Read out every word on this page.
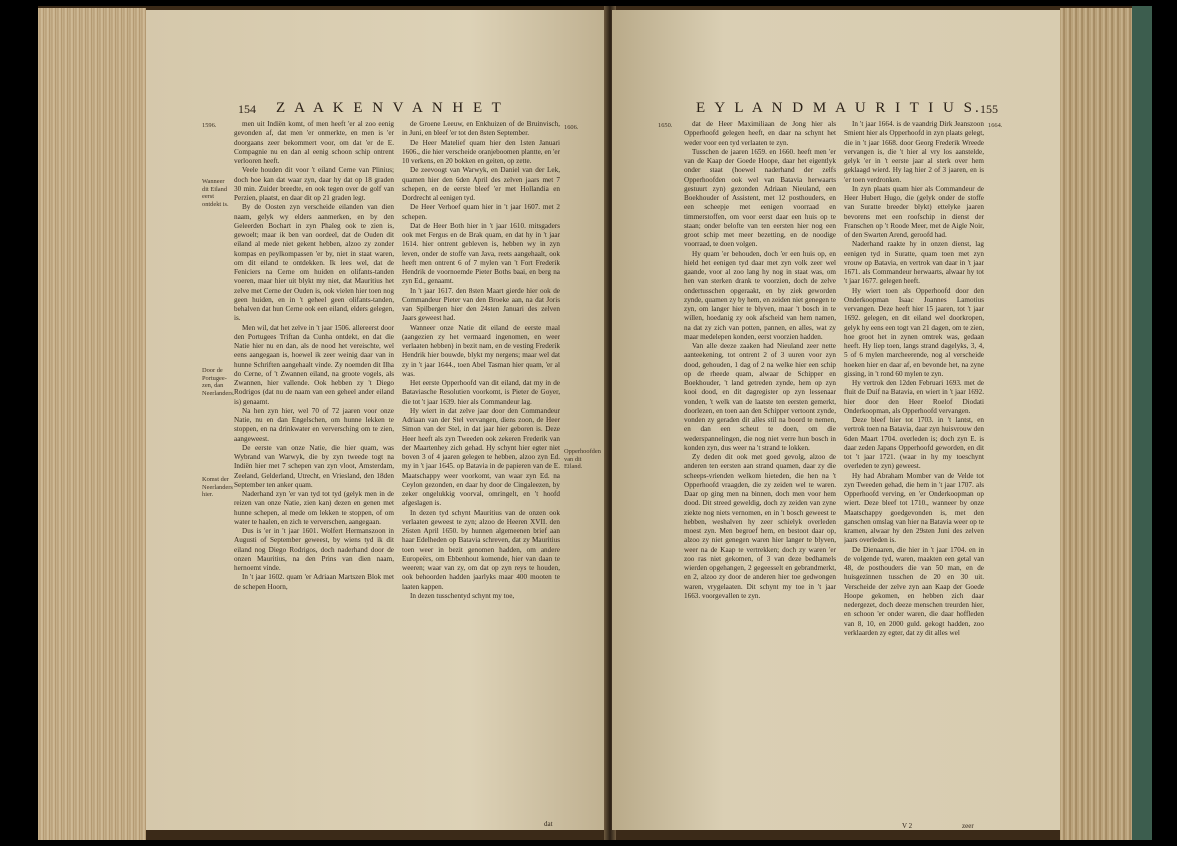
154 Z A A K E N V A N H E T
1596.
Wanneer dit Eiland eerst ontdekt is.
Door de Portugee-zen, dan Neerlanders.
Komst der Neerlanders hier.

men uit Indiën komt, of men heeft 'er al zoo eenig gevonden af, dat men 'er onmerkte, en men is 'er doorgaans zeer bekommert voor, om dat 'er de E. Compagnie nu en dan al eenig schoon schip ontrent verlooren heeft.

Veele houden dit voor 't eiland Cerne van Plinius; doch hoe kan dat waar zyn, daar hy dat op 18 graden 30 min. Zuider breedte, en ook tegen over de golf van Perzien, plaatst, en daar dit op 21 graden legt.

By de Oosten zyn verscheide eilanden van dien naam, gelyk wy elders aanmerken, en by den Geleerden Bochart in zyn Phaleg ook te zien is, gewoelt; maar ik ben van oordeel, dat de Ouden dit eiland al mede niet gekent hebben, alzoo zy zonder kompas en peylkompassen 'er by, niet in staat waren, om dit eiland te ontdekken. Ik lees wel, dat de Feniciers na Cerne om huiden en olifants-tanden voeren, maar hier uit blykt my niet, dat Mauritius het zelve met Cerne der Ouden is, ook vielen hier toen nog geen huiden, en in 't geheel geen olifants-tanden, behalven dat hun Cerne ook een eiland, elders gelegen, is.

Men wil, dat het zelve in 't jaar 1506. allereerst door den Portugees Triftan da Cunha ontdekt, en dat die Natie hier nu en dan, als de nood het vereischte, wel eens aangegaan is, hoewel ik zeer weinig daar van in hunne Schriften aangehaalt vinde. Zy noemden dit Ilha do Cerne, of 't Zwannen eiland, na groote vogels, als Zwannen, hier vallende. Ook hebben zy 't Diego Rodrigos (dat nu de naam van een geheel ander eiland is) genaamt.

Na hen zyn hier, wel 70 of 72 jaaren voor onze Natie, nu en dan Engelschen, om hunne lekken te stoppen, en na drinkwater en verversching om te zien, aangeweest.

De eerste van onze Natie, die hier quam, was Wybrand van Warwyk, die by zyn tweede togt na Indiën hier met 7 schepen van zyn vloot, Amsterdam, Zeeland, Gelderland, Utrecht, en Vriesland, den 18den September ten anker quam.

Naderhand zyn 'er van tyd tot tyd (gelyk men in de reizen van onze Natie, zien kan) dezen en genen met hunne schepen, al mede om lekken te stoppen, of om water te haalen, en zich te ververschen, aangegaan.

Dus is 'er in 't jaar 1601. Wolfert Hermanszoon in Augusti of September geweest, by wiens tyd ik dit eiland nog Diego Rodrigos, doch naderhand door de onzen Mauritius, na den Prins van dien naam, hernoemt vinde.

In 't jaar 1602. quam 'er Adriaan Martszen Blok met de schepen Hoorn,

de Groene Leeuw, en Enkhuizen of de Bruinvisch, in Juni, en bleef 'er tot den 8sten September.

De Heer Matelief quam hier den 1sten Januari 1606., die hier verscheide oranjeboomen plantte, en 'er 10 verkens, en 20 bokken en geiten, op zette.

De zeevoogt van Warwyk, en Daniel van der Lek, quamen hier den 6den April des zelven jaars met 7 schepen, en de eerste bleef 'er met Hollandia en Dordrecht al eenigen tyd.

De Heer Verhoef quam hier in 't jaar 1607. met 2 schepen.

Dat de Heer Both hier in 't jaar 1610. mitsgaders ook met Fergus en de Brak quam, en dat hy in 't jaar 1614. hier ontrent gebleven is, hebben wy in zyn leven, onder de stoffe van Java, reets aangehaalt, ook heeft men ontrent 6 of 7 mylen van 't Fort Frederik Hendrik de voornoemde Pieter Boths baai, en berg na zyn Ed., genaamt.

In 't jaar 1617. den 8sten Maart gierde hier ook de Commandeur Pieter van den Broeke aan, na dat Joris van Spilbergen hier den 24sten Januari des zelven Jaars geweest had.

Wanneer onze Natie dit eiland de eerste maal (aangezien zy het vermaard ingenomen, en weer verlaaten hebben) in bezit nam, en de vesting Frederik Hendrik hier bouwde, blykt my nergens; maar wel dat zy in 't jaar 1644., toen Abel Tasman hier quam, 'er al was.

Het eerste Opperhoofd van dit eiland, dat my in de Bataviasche Resolutien voorkomt, is Pieter de Goyer, die tot 't jaar 1639. hier als Commandeur lag.

Hy wiert in dat zelve jaar door den Commandeur Adriaan van der Stel vervangen, diens zoon, de Heer Simon van der Stel, in dat jaar hier geboren is. Deze Heer heeft als zyn Tweeden ook zekeren Frederik van der Maartenhey zich gehad. Hy schynt hier egter niet boven 3 of 4 jaaren gelegen te hebben, alzoo zyn Ed. my in 't jaar 1645. op Batavia in de papieren van de E. Maatschappy weer voorkomt, van waar zyn Ed. na Ceylon gezonden, en daar hy door de Cingaleezen, by zeker ongelukkig voorval, omringelt, en 't hoofd afgeslagen is.

In dezen tyd schynt Mauritius van de onzen ook verlaaten geweest te zyn; alzoo de Heeren XVII. den 26sten April 1650. by hunnen algemeenen brief aan haar Edelheden op Batavia schreven, dat zy Mauritius toen weer in bezit genomen hadden, om andere Europeërs, om Ebbenhout komende, hier van daan te weeren; waar van zy, om dat op zyn reys te houden, ook behoorden hadden jaarlyks maar 400 mooten te laaten kappen.

In dezen tusschentyd schynt my toe,

1606.
Opperhoofden van dit Eiland.
dat
E Y L A N D M A U R I T I U S.
155
1650.	1664.

dat de Heer Maximiliaan de Jong hier als Opperhoofd gelegen heeft, en daar na schynt het weder voor een tyd verlaaten te zyn.

Tusschen de jaaren 1659. en 1660. heeft men 'er van de Kaap der Goede Hoope, daar het eigentlyk onder staat (hoewel naderhand der zelfs Opperhoofden ook wel van Batavia herwaarts gestuurt zyn) gezonden Adriaan Nieuland, een Boekhouder of Assistent, met 12 posthouders, en een scheepje met eenigen voorraad en timmerstoffen, om voor eerst daar een huis op te staan; onder belofte van ten eersten hier nog een groot schip met meer bezetting, en de noodige voorraad, te doen volgen.

Hy quam 'er behouden, doch 'er een huis op, en hield het eenigen tyd daar met zyn volk zeer wel gaande, voor al zoo lang hy nog in staat was, om hen van sterken drank te voorzien, doch de zelve ondertusschen opgeraakt, en by ziek geworden zynde, quamen zy by hem, en zeiden niet genegen te zyn, om langer hier te blyven, maar 't bosch in te willen, hoedanig zy ook afscheid van hem namen, na dat zy zich van potten, pannen, en alles, wat zy maar medelepen konden, eerst voorzien hadden.

Van alle deeze zaaken had Nieuland zeer nette aanteekening, tot ontrent 2 of 3 uuren voor zyn dood, gehouden, 1 dag of 2 na welke hier een schip op de rheede quam, alwaar de Schipper en Boekhouder, 't land getreden zynde, hem op zyn kooi dood, en dit dagregister op zyn lessenaar vonden, 't welk van de laatste ten eersten gemerkt, doorlezen, en toen aan den Schipper vertoont zynde, vonden zy geraden dit alles stil na boord te nemen, en dan een scheut te doen, om die wederspannelingen, die nog niet verre hun bosch in konden zyn, dus weer na 't strand te lokken.

Zy deden dit ook met goed gevolg, alzoo de anderen ten eersten aan strand quamen, daar zy die scheeps-vrienden welkom hieteden, die hen na 't Opperhoofd vraagden, die zy zeiden wel te waren. Daar op ging men na binnen, doch men voor hem dood. Dit streed geweldig, doch zy zeiden van zyne ziekte nog niets vernomen, en in 't bosch geweest te hebben, weshalven hy zeer schielyk overleden moest zyn. Men begroef hem, en bestoot daar op, alzoo zy niet genegen waren hier langer te blyven, weer na de Kaap te vertrekken; doch zy waren 'er zoo ras niet gekomen, of 3 van deze bedhamels wierden opgehangen, 2 gegeesselt en gebrandmerkt, en 2, alzoo zy door de anderen hier toe gedwongen waren, vrygelaaten. Dit schynt my toe in 't jaar 1663. voorgevallen te zyn.

In 't jaar 1664. is de vaandrig Dirk Jeanszoon Smient hier als Opperhoofd in zyn plaats gelegt, die in 't jaar 1668. door Georg Frederik Wreede vervangen is, die 't hier al vry los aanstelde, gelyk 'er in 't eerste jaar al sterk over hem geklaagd wierd. Hy lag hier 2 of 3 jaaren, en is 'er toen verdronken.

In zyn plaats quam hier als Commandeur de Heer Hubert Hugo, die (gelyk onder de stoffe van Suratte breeder blykt) ettelyke jaaren bevorens met een roofschip in dienst der Franschen op 't Roode Meer, met de Aigle Noir, of den Swarten Arend, geroofd had.

Naderhand raakte hy in onzen dienst, lag eenigen tyd in Suratte, quam toen met zyn vrouw op Batavia, en vertrok van daar in 't jaar 1671. als Commandeur herwaarts, alwaar hy tot 't jaar 1677. gelegen heeft.

Hy wiert toen als Opperhoofd door den Onderkoopman Isaac Joannes Lamotius vervangen. Deze heeft hier 15 jaaren, tot 't jaar 1692. gelegen, en dit eiland wel doorkropen, gelyk hy eens een togt van 21 dagen, om te zien, hoe groot het in zynen omtrek was, gedaan heeft. Hy liep toen, langs strand dagelyks, 3, 4, 5 of 6 mylen marcheerende, nog al verscheide hoeken hier en daar af, en bevonde het, na zyne gissing, in 't rond 60 mylen te zyn.

Hy vertrok den 12den Februari 1693. met de fluit de Duif na Batavia, en wiert in 't jaar 1692. hier door den Heer Roelof Diodati Onderkoopman, als Opperhoofd vervangen.

Deze bleef hier tot 1703. in 't lantst, en vertrok toen na Batavia, daar zyn huisvrouw den 6den Maart 1704. overleden is; doch zyn E. is daar zeden Japans Opperhoofd geworden, en dit tot 't jaar 1721. (waar in hy my toeschynt overleden te zyn) geweest.

Hy had Abraham Momber van de Velde tot zyn Tweeden gehad, die hem in 't jaar 1707. als Opperhoofd verving, en 'er Onderkoopman op wiert. Deze bleef tot 1710., wanneer by onze Maatschappy goedgevonden is, met den ganschen omslag van hier na Batavia weer op te kramen, alwaar hy den 29sten Juni des zelven jaars overleden is.

De Dienaaren, die hier in 't jaar 1704. en in de volgende tyd, waren, maakten een getal van 48, de posthouders die van 50 man, en de huisgezinnen tusschen de 20 en 30 uit. Verscheide der zelve zyn aan Kaap der Goede Hoope gekomen, en hebben zich daar nedergezet, doch deeze menschen treurden hier, en schoon 'er onder waren, die daar hoffleden van 8, 10, en 2000 guld. gekogt hadden, zoo verklaarden zy egter, dat zy dit alles wel

V 2	zeer
